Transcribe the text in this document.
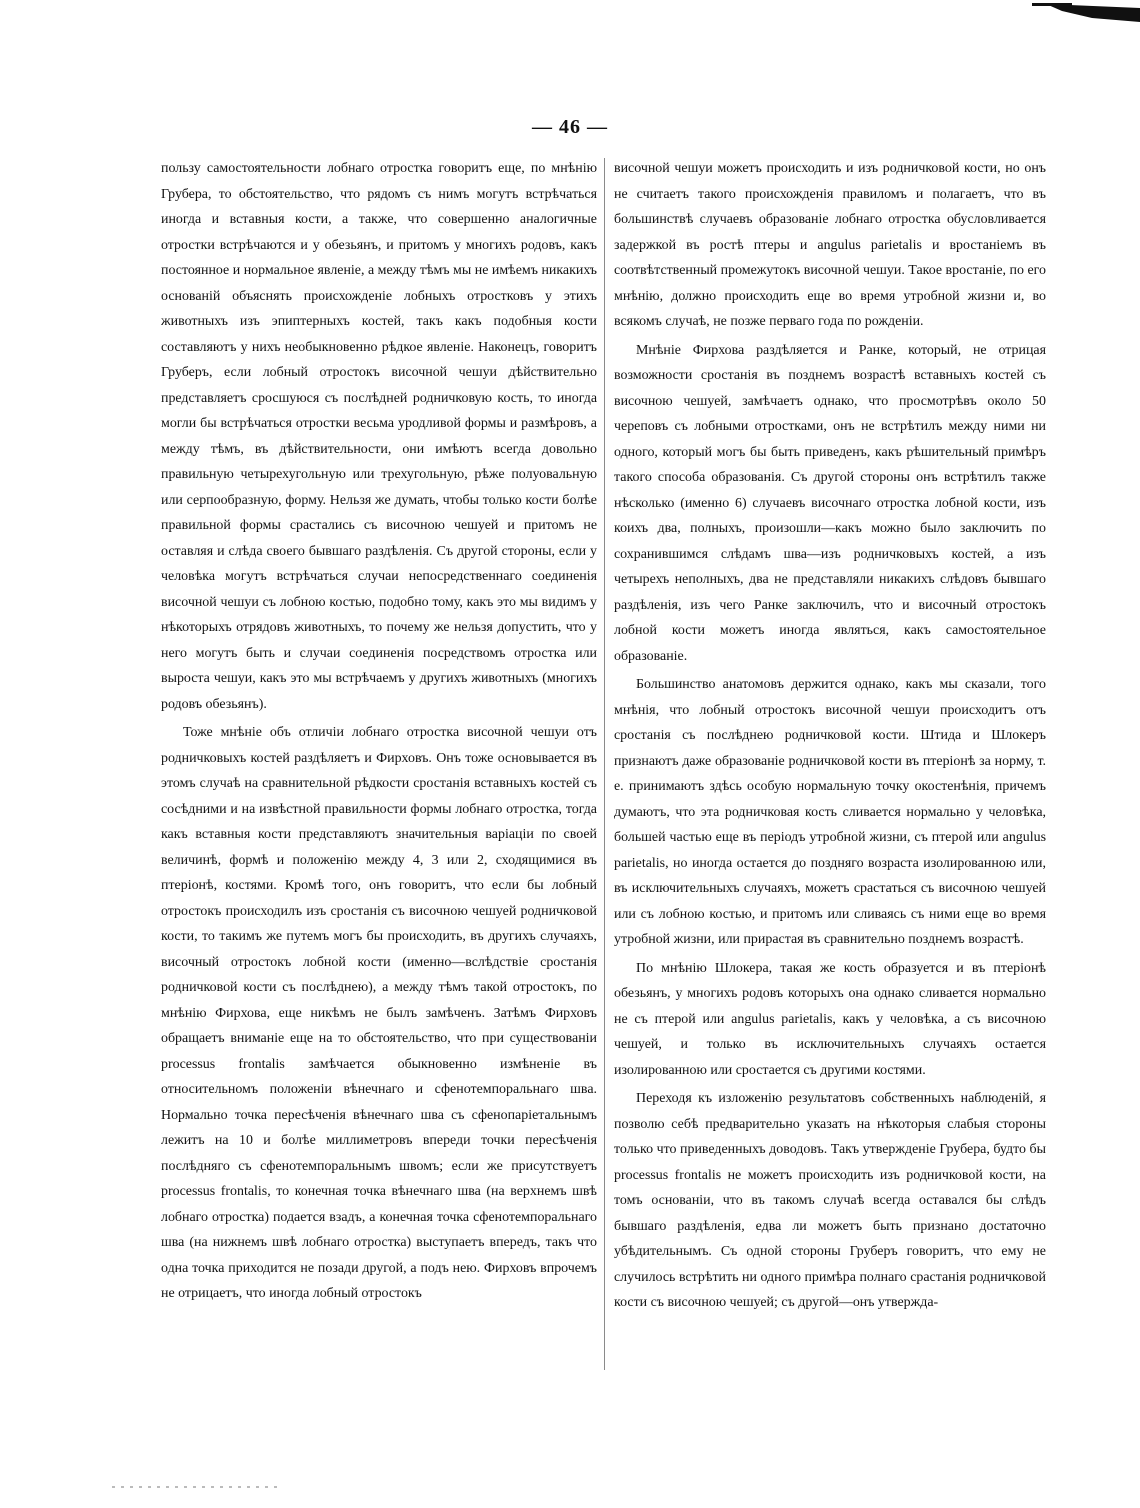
— 46 —

пользу самостоятельности лобнаго отростка говоритъ еще, по мнѣнію Грубера, то обстоятельство, что рядомъ съ нимъ могутъ встрѣчаться иногда и вставныя кости, а также, что совершенно аналогичные отростки встрѣчаются и у обезьянъ, и притомъ у многихъ родовъ, какъ постоянное и нормальное явленіе, а между тѣмъ мы не имѣемъ никакихъ основаній объяснять происхожденіе лобныхъ отростковъ у этихъ животныхъ изъ эпиптерныхъ костей, такъ какъ подобныя кости составляютъ у нихъ необыкновенно рѣдкое явленіе. Наконецъ, говоритъ Груберъ, если лобный отростокъ височной чешуи дѣйствительно представляетъ сросшуюся съ послѣдней родничковую кость, то иногда могли бы встрѣчаться отростки весьма уродливой формы и размѣровъ, а между тѣмъ, въ дѣйствительности, они имѣютъ всегда довольно правильную четырехугольную или трехугольную, рѣже полуовальную или серпообразную, форму. Нельзя же думать, чтобы только кости болѣе правильной формы срастались съ височною чешуей и притомъ не оставляя и слѣда своего бывшаго раздѣленія. Съ другой стороны, если у человѣка могутъ встрѣчаться случаи непосредственнаго соединенія височной чешуи съ лобною костью, подобно тому, какъ это мы видимъ у нѣкоторыхъ отрядовъ животныхъ, то почему же нельзя допустить, что у него могутъ быть и случаи соединенія посредствомъ отростка или выроста чешуи, какъ это мы встрѣчаемъ у другихъ животныхъ (многихъ родовъ обезьянъ).

Тоже мнѣніе объ отличіи лобнаго отростка височной чешуи отъ родничковыхъ костей раздѣляетъ и Фирховъ. Онъ тоже основывается въ этомъ случаѣ на сравнительной рѣдкости сростанія вставныхъ костей съ сосѣдними и на извѣстной правильности формы лобнаго отростка, тогда какъ вставныя кости представляютъ значительныя варіаціи по своей величинѣ, формѣ и положенію между 4, 3 или 2, сходящимися въ птеріонѣ, костями. Кромѣ того, онъ говоритъ, что если бы лобный отростокъ происходилъ изъ сростанія съ височною чешуей родничковой кости, то такимъ же путемъ могъ бы происходить, въ другихъ случаяхъ, височный отростокъ лобной кости (именно—вслѣдствіе сростанія родничковой кости съ послѣднею), а между тѣмъ такой отростокъ, по мнѣнію Фирхова, еще никѣмъ не былъ замѣченъ. Затѣмъ Фирховъ обращаетъ вниманіе еще на то обстоятельство, что при существованіи processus frontalis замѣчается обыкновенно измѣненіе въ относительномъ положеніи вѣнечнаго и сфенотемпоральнаго шва. Нормально точка пересѣченія вѣнечнаго шва съ сфенопаріетальнымъ лежитъ на 10 и болѣе миллиметровъ впереди точки пересѣченія послѣдняго съ сфенотемпоральнымъ швомъ; если же присутствуетъ processus frontalis, то конечная точка вѣнечнаго шва (на верхнемъ швѣ лобнаго отростка) подается взадъ, а конечная точка сфенотемпоральнаго шва (на нижнемъ швѣ лобнаго отростка) выступаетъ впередъ, такъ что одна точка приходится не позади другой, а подъ нею. Фирховъ впрочемъ не отрицаетъ, что иногда лобный отростокъ

височной чешуи можетъ происходить и изъ родничковой кости, но онъ не считаетъ такого происхожденія правиломъ и полагаетъ, что въ большинствѣ случаевъ образованіе лобнаго отростка обусловливается задержкой въ ростѣ птеры и angulus parietalis и вростаніемъ въ соотвѣтственный промежутокъ височной чешуи. Такое вростаніе, по его мнѣнію, должно происходить еще во время утробной жизни и, во всякомъ случаѣ, не позже перваго года по рожденіи.

Мнѣніе Фирхова раздѣляется и Ранке, который, не отрицая возможности сростанія въ позднемъ возрастѣ вставныхъ костей съ височною чешуей, замѣчаетъ однако, что просмотрѣвъ около 50 череповъ съ лобными отростками, онъ не встрѣтилъ между ними ни одного, который могъ бы быть приведенъ, какъ рѣшительный примѣръ такого способа образованія. Съ другой стороны онъ встрѣтилъ также нѣсколько (именно 6) случаевъ височнаго отростка лобной кости, изъ коихъ два, полныхъ, произошли—какъ можно было заключить по сохранившимся слѣдамъ шва—изъ родничковыхъ костей, а изъ четырехъ неполныхъ, два не представляли никакихъ слѣдовъ бывшаго раздѣленія, изъ чего Ранке заключилъ, что и височный отростокъ лобной кости можетъ иногда являться, какъ самостоятельное образованіе.

Большинство анатомовъ держится однако, какъ мы сказали, того мнѣнія, что лобный отростокъ височной чешуи происходитъ отъ сростанія съ послѣднею родничковой кости. Штида и Шлокеръ признаютъ даже образованіе родничковой кости въ птеріонѣ за норму, т. е. принимаютъ здѣсь особую нормальную точку окостенѣнія, причемъ думаютъ, что эта родничковая кость сливается нормально у человѣка, большей частью еще въ періодъ утробной жизни, съ птерой или angulus parietalis, но иногда остается до поздняго возраста изолированною или, въ исключительныхъ случаяхъ, можетъ срастаться съ височною чешуей или съ лобною костью, и притомъ или сливаясь съ ними еще во время утробной жизни, или прирастая въ сравнительно позднемъ возрастѣ.

По мнѣнію Шлокера, такая же кость образуется и въ птеріонѣ обезьянъ, у многихъ родовъ которыхъ она однако сливается нормально не съ птерой или angulus parietalis, какъ у человѣка, а съ височною чешуей, и только въ исключительныхъ случаяхъ остается изолированною или сростается съ другими костями.

Переходя къ изложенію результатовъ собственныхъ наблюденій, я позволю себѣ предварительно указать на нѣкоторыя слабыя стороны только что приведенныхъ доводовъ. Такъ утвержденіе Грубера, будто бы processus frontalis не можетъ происходить изъ родничковой кости, на томъ основаніи, что въ такомъ случаѣ всегда оставался бы слѣдъ бывшаго раздѣленія, едва ли можетъ быть признано достаточно убѣдительнымъ. Съ одной стороны Груберъ говоритъ, что ему не случилось встрѣтить ни одного примѣра полнаго срастанія родничковой кости съ височною чешуей; съ другой—онъ утвержда-
